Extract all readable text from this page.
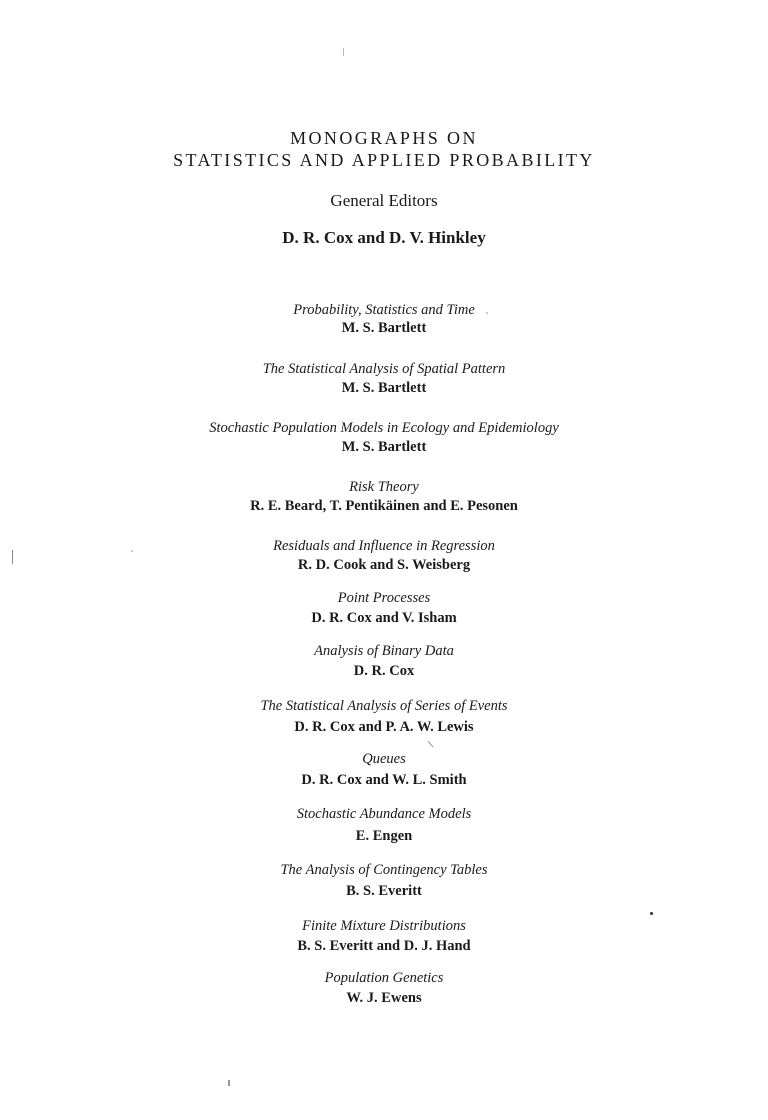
MONOGRAPHS ON
STATISTICS AND APPLIED PROBABILITY
General Editors
D. R. Cox and D. V. Hinkley
Probability, Statistics and Time
M. S. Bartlett
The Statistical Analysis of Spatial Pattern
M. S. Bartlett
Stochastic Population Models in Ecology and Epidemiology
M. S. Bartlett
Risk Theory
R. E. Beard, T. Pentikäinen and E. Pesonen
Residuals and Influence in Regression
R. D. Cook and S. Weisberg
Point Processes
D. R. Cox and V. Isham
Analysis of Binary Data
D. R. Cox
The Statistical Analysis of Series of Events
D. R. Cox and P. A. W. Lewis
Queues
D. R. Cox and W. L. Smith
Stochastic Abundance Models
E. Engen
The Analysis of Contingency Tables
B. S. Everitt
Finite Mixture Distributions
B. S. Everitt and D. J. Hand
Population Genetics
W. J. Ewens
